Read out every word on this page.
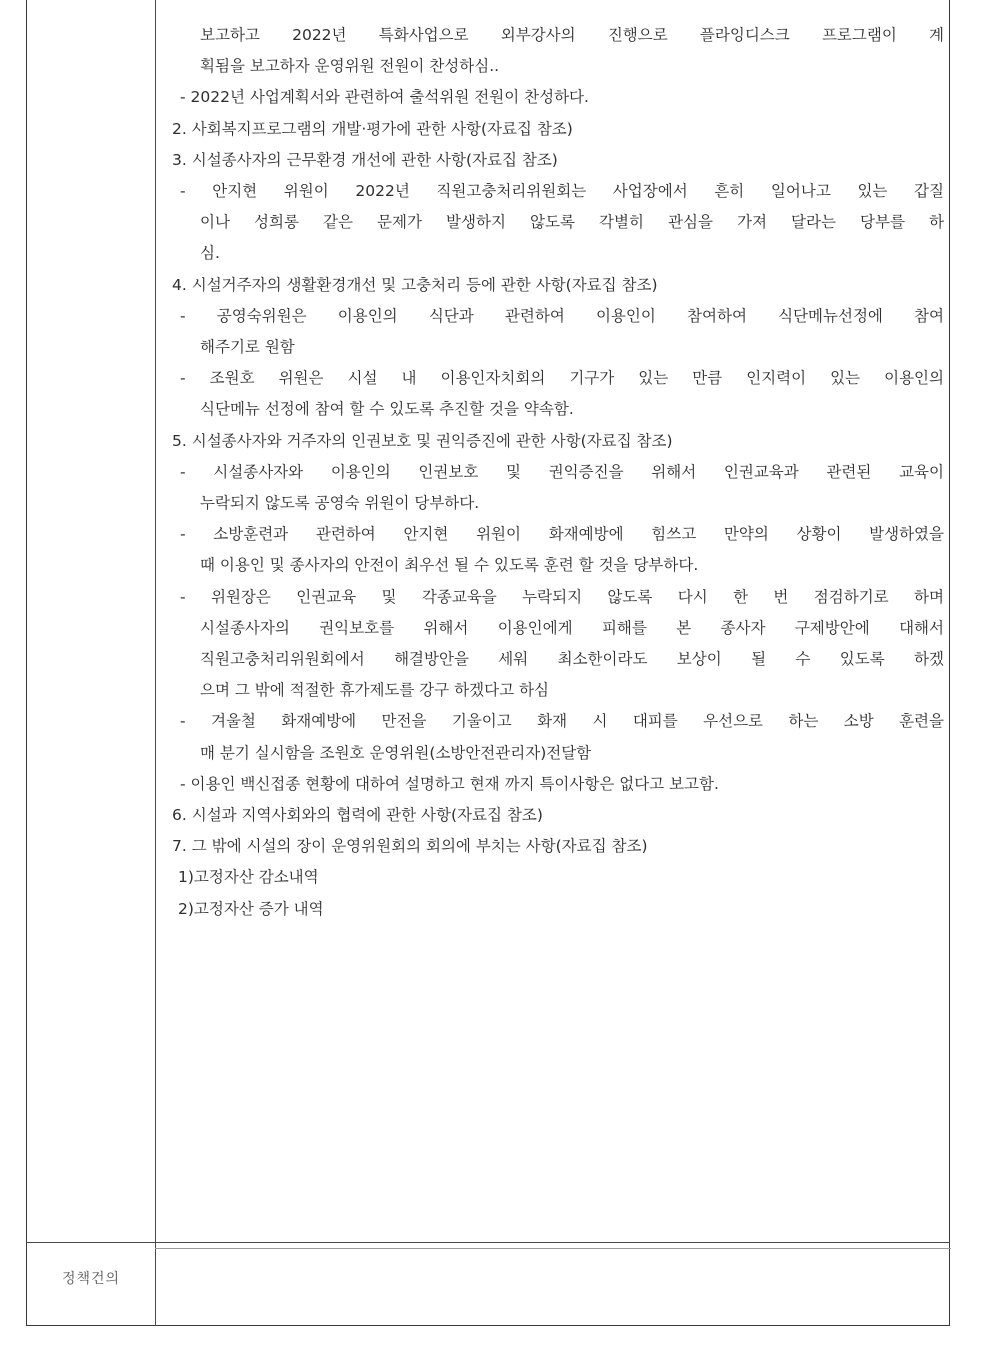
정책건의
보고하고 2022년 특화사업으로 외부강사의 진행으로 플라잉디스크 프로그램이 계
획됨을 보고하자 운영위원 전원이 찬성하심..
- 2022년 사업계획서와 관련하여 출석위원 전원이 찬성하다.
2. 사회복지프로그램의 개발·평가에 관한 사항(자료집 참조)
3. 시설종사자의 근무환경 개선에 관한 사항(자료집 참조)
- 안지현 위원이 2022년 직원고충처리위원회는 사업장에서 흔히 일어나고 있는 갑질
이나 성희롱 같은 문제가 발생하지 않도록 각별히 관심을 가져 달라는 당부를 하
심.
4. 시설거주자의 생활환경개선 및 고충처리 등에 관한 사항(자료집 참조)
- 공영숙위원은 이용인의 식단과 관련하여 이용인이 참여하여 식단메뉴선정에 참여
해주기로 원함
- 조원호 위원은 시설 내 이용인자치회의 기구가 있는 만큼 인지력이 있는 이용인의
식단메뉴 선정에 참여 할 수 있도록 추진할 것을 약속함.
5. 시설종사자와 거주자의 인권보호 및 권익증진에 관한 사항(자료집 참조)
- 시설종사자와 이용인의 인권보호 및 권익증진을 위해서 인권교육과 관련된 교육이
누락되지 않도록 공영숙 위원이 당부하다.
- 소방훈련과 관련하여 안지현 위원이 화재예방에 힘쓰고 만약의 상황이 발생하였을
때 이용인 및 종사자의 안전이 최우선 될 수 있도록 훈련 할 것을 당부하다.
- 위원장은 인권교육 및 각종교육을 누락되지 않도록 다시 한 번 점검하기로 하며
시설종사자의 권익보호를 위해서 이용인에게 피해를 본 종사자 구제방안에 대해서
직원고충처리위원회에서 해결방안을 세워 최소한이라도 보상이 될 수 있도록 하겠
으며 그 밖에 적절한 휴가제도를 강구 하겠다고 하심
- 겨울철 화재예방에 만전을 기울이고 화재 시 대피를 우선으로 하는 소방 훈련을
매 분기 실시함을 조원호 운영위원(소방안전관리자)전달함
- 이용인 백신접종 현황에 대하여 설명하고 현재 까지 특이사항은 없다고 보고함.
6. 시설과 지역사회와의 협력에 관한 사항(자료집 참조)
7. 그 밖에 시설의 장이 운영위원회의 회의에 부치는 사항(자료집 참조)
1)고정자산 감소내역
2)고정자산 증가 내역
